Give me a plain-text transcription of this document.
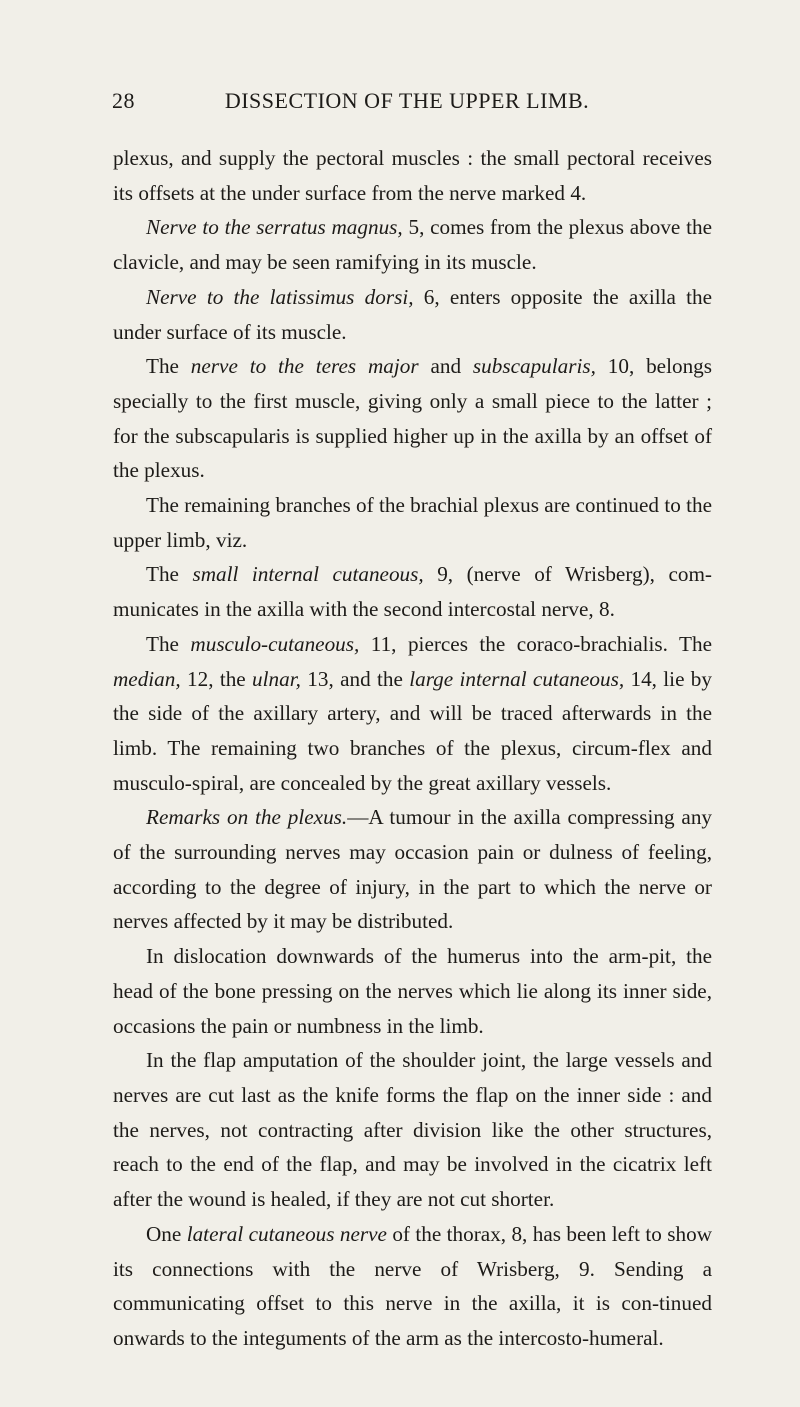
28	DISSECTION OF THE UPPER LIMB.

plexus, and supply the pectoral muscles : the small pectoral receives its offsets at the under surface from the nerve marked 4.

Nerve to the serratus magnus, 5, comes from the plexus above the clavicle, and may be seen ramifying in its muscle.

Nerve to the latissimus dorsi, 6, enters opposite the axilla the under surface of its muscle.

The nerve to the teres major and subscapularis, 10, belongs specially to the first muscle, giving only a small piece to the latter ; for the subscapularis is supplied higher up in the axilla by an offset of the plexus.

The remaining branches of the brachial plexus are continued to the upper limb, viz.

The small internal cutaneous, 9, (nerve of Wrisberg), com-municates in the axilla with the second intercostal nerve, 8.

The musculo-cutaneous, 11, pierces the coraco-brachialis. The median, 12, the ulnar, 13, and the large internal cutaneous, 14, lie by the side of the axillary artery, and will be traced afterwards in the limb. The remaining two branches of the plexus, circum-flex and musculo-spiral, are concealed by the great axillary vessels.

Remarks on the plexus.—A tumour in the axilla compressing any of the surrounding nerves may occasion pain or dulness of feeling, according to the degree of injury, in the part to which the nerve or nerves affected by it may be distributed.

In dislocation downwards of the humerus into the arm-pit, the head of the bone pressing on the nerves which lie along its inner side, occasions the pain or numbness in the limb.

In the flap amputation of the shoulder joint, the large vessels and nerves are cut last as the knife forms the flap on the inner side : and the nerves, not contracting after division like the other structures, reach to the end of the flap, and may be involved in the cicatrix left after the wound is healed, if they are not cut shorter.

One lateral cutaneous nerve of the thorax, 8, has been left to show its connections with the nerve of Wrisberg, 9. Sending a communicating offset to this nerve in the axilla, it is con-tinued onwards to the integuments of the arm as the intercosto-humeral.
